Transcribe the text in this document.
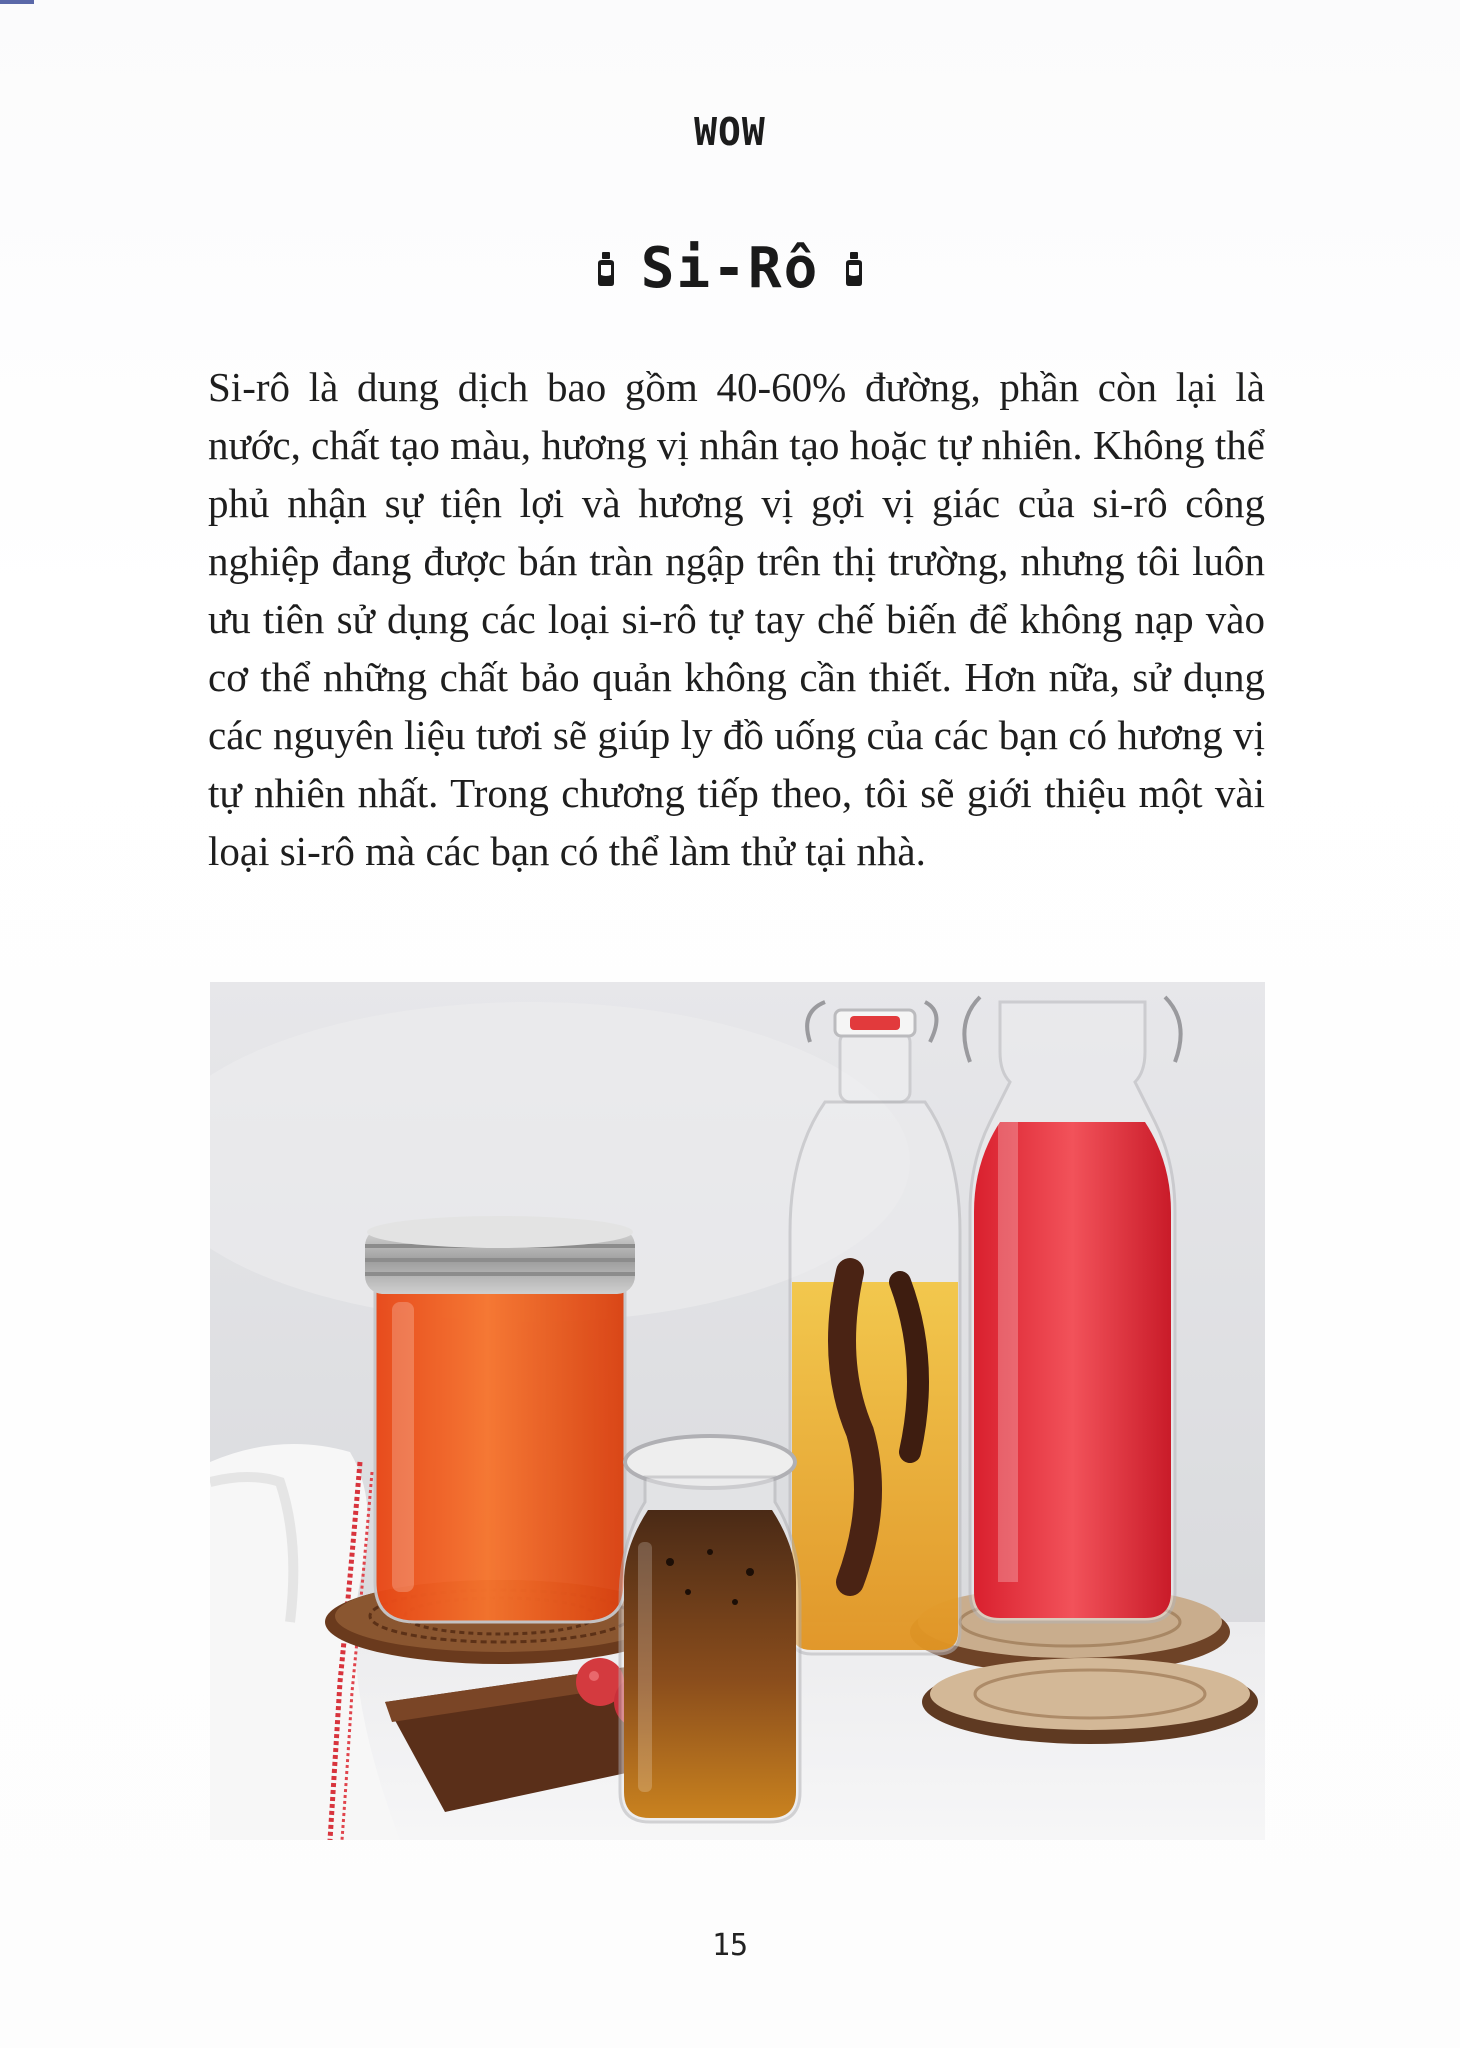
WOW
Si-Rô

Si-rô là dung dịch bao gồm 40-60% đường, phần còn lại là nước, chất tạo màu, hương vị nhân tạo hoặc tự nhiên. Không thể phủ nhận sự tiện lợi và hương vị gợi vị giác của si-rô công nghiệp đang được bán tràn ngập trên thị trường, nhưng tôi luôn ưu tiên sử dụng các loại si-rô tự tay chế biến để không nạp vào cơ thể những chất bảo quản không cần thiết. Hơn nữa, sử dụng các nguyên liệu tươi sẽ giúp ly đồ uống của các bạn có hương vị tự nhiên nhất. Trong chương tiếp theo, tôi sẽ giới thiệu một vài loại si-rô mà các bạn có thể làm thử tại nhà.

15
